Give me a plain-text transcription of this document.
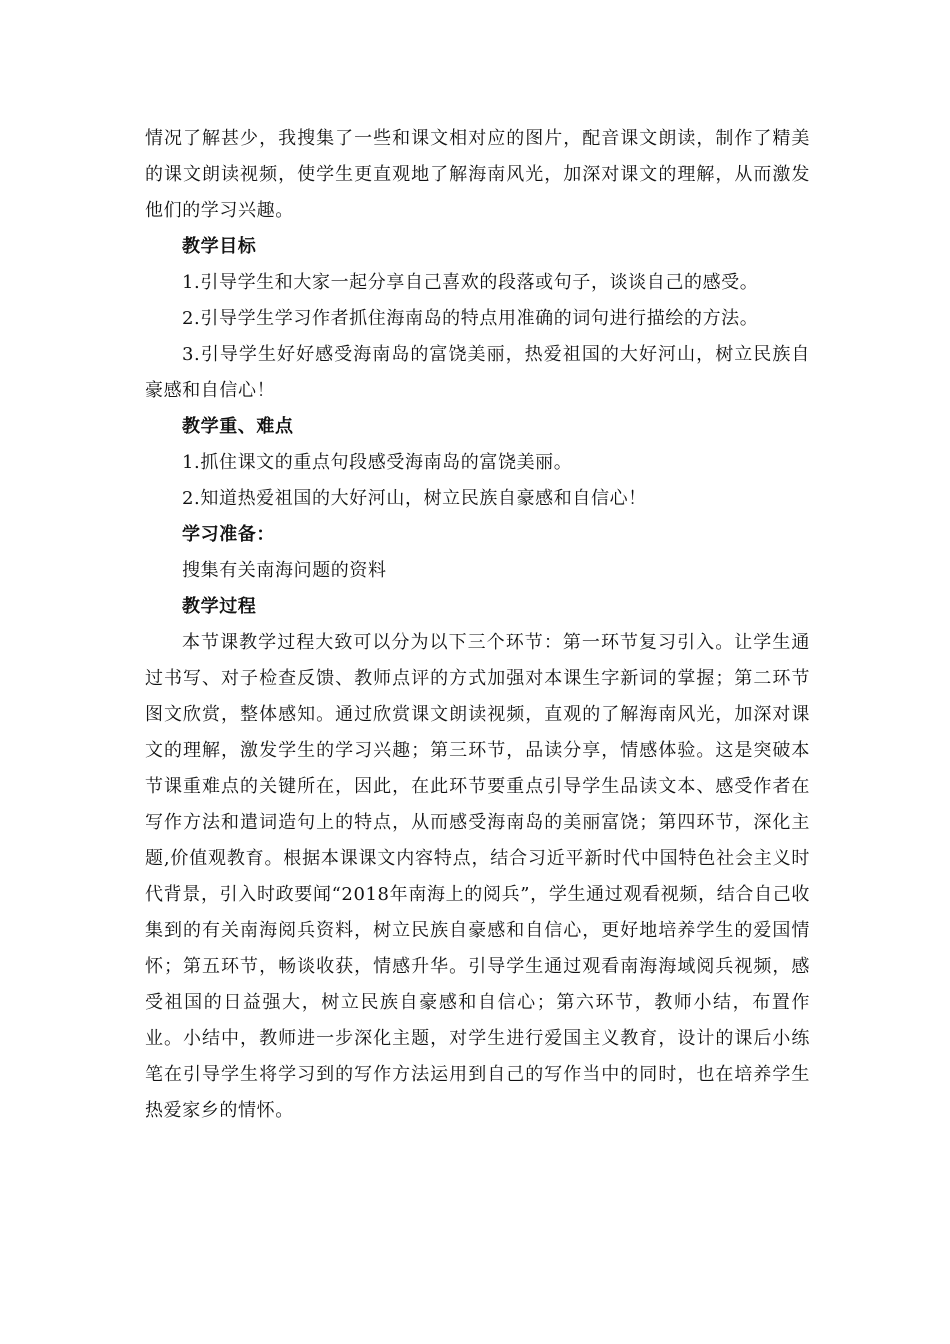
情况了解甚少，我搜集了一些和课文相对应的图片，配音课文朗读，制作了精美的课文朗读视频，使学生更直观地了解海南风光，加深对课文的理解，从而激发他们的学习兴趣。

教学目标

1.引导学生和大家一起分享自己喜欢的段落或句子，谈谈自己的感受。

2.引导学生学习作者抓住海南岛的特点用准确的词句进行描绘的方法。

3.引导学生好好感受海南岛的富饶美丽，热爱祖国的大好河山，树立民族自豪感和自信心！

教学重、难点

1.抓住课文的重点句段感受海南岛的富饶美丽。

2.知道热爱祖国的大好河山，树立民族自豪感和自信心！

学习准备：

搜集有关南海问题的资料

教学过程

本节课教学过程大致可以分为以下三个环节：第一环节复习引入。让学生通过书写、对子检查反馈、教师点评的方式加强对本课生字新词的掌握；第二环节图文欣赏，整体感知。通过欣赏课文朗读视频，直观的了解海南风光，加深对课文的理解，激发学生的学习兴趣；第三环节，品读分享，情感体验。这是突破本节课重难点的关键所在，因此，在此环节要重点引导学生品读文本、感受作者在写作方法和遣词造句上的特点，从而感受海南岛的美丽富饶；第四环节，深化主题,价值观教育。根据本课课文内容特点，结合习近平新时代中国特色社会主义时代背景，引入时政要闻“2018年南海上的阅兵”，学生通过观看视频，结合自己收集到的有关南海阅兵资料，树立民族自豪感和自信心，更好地培养学生的爱国情怀；第五环节，畅谈收获，情感升华。引导学生通过观看南海海域阅兵视频，感受祖国的日益强大，树立民族自豪感和自信心；第六环节，教师小结，布置作业。小结中，教师进一步深化主题，对学生进行爱国主义教育，设计的课后小练笔在引导学生将学习到的写作方法运用到自己的写作当中的同时，也在培养学生热爱家乡的情怀。
